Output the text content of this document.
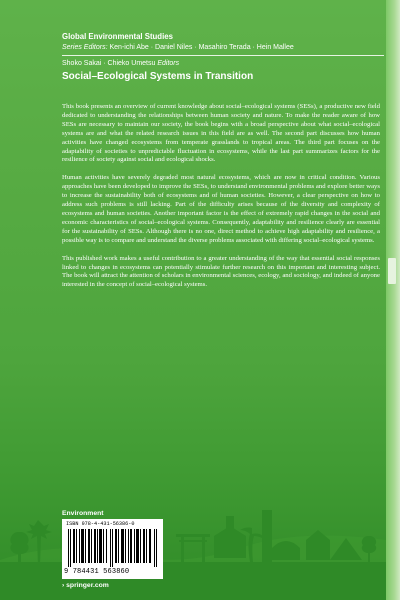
Global Environmental Studies

Series Editors: Ken-ichi Abe · Daniel Niles · Masahiro Terada · Hein Mallee

Shoko Sakai · Chieko Umetsu Editors

Social–Ecological Systems in Transition

This book presents an overview of current knowledge about social–ecological systems (SESs), a productive new field dedicated to understanding the relationships between human society and nature. To make the reader aware of how SESs are necessary to maintain our society, the book begins with a broad perspective about what social–ecological systems are and what the related research issues in this field are as well. The second part discusses how human activities have changed ecosystems from temperate grasslands to tropical areas. The third part focuses on the adaptability of societies to unpredictable fluctuation in ecosystems, while the last part summarizes factors for the resilience of society against social and ecological shocks.

Human activities have severely degraded most natural ecosystems, which are now in critical condition. Various approaches have been developed to improve the SESs, to understand environmental problems and explore better ways to increase the sustainability both of ecosystems and of human societies. However, a clear perspective on how to address such problems is still lacking. Part of the difficulty arises because of the diversity and complexity of ecosystems and human societies. Another important factor is the effect of extremely rapid changes in the social and economic characteristics of social–ecological systems. Consequently, adaptability and resilience clearly are essential for the sustainability of SESs. Although there is no one, direct method to achieve high adaptability and resilience, a possible way is to compare and understand the diverse problems associated with differing social–ecological systems.

This published work makes a useful contribution to a greater understanding of the way that essential social responses linked to changes in ecosystems can potentially stimulate further research on this important and interesting subject. The book will attract the attention of scholars in environmental sciences, ecology, and sociology, and indeed of anyone interested in the concept of social–ecological systems.

Environment

ISBN 978-4-431-56386-0

9 784431 563860

› springer.com
